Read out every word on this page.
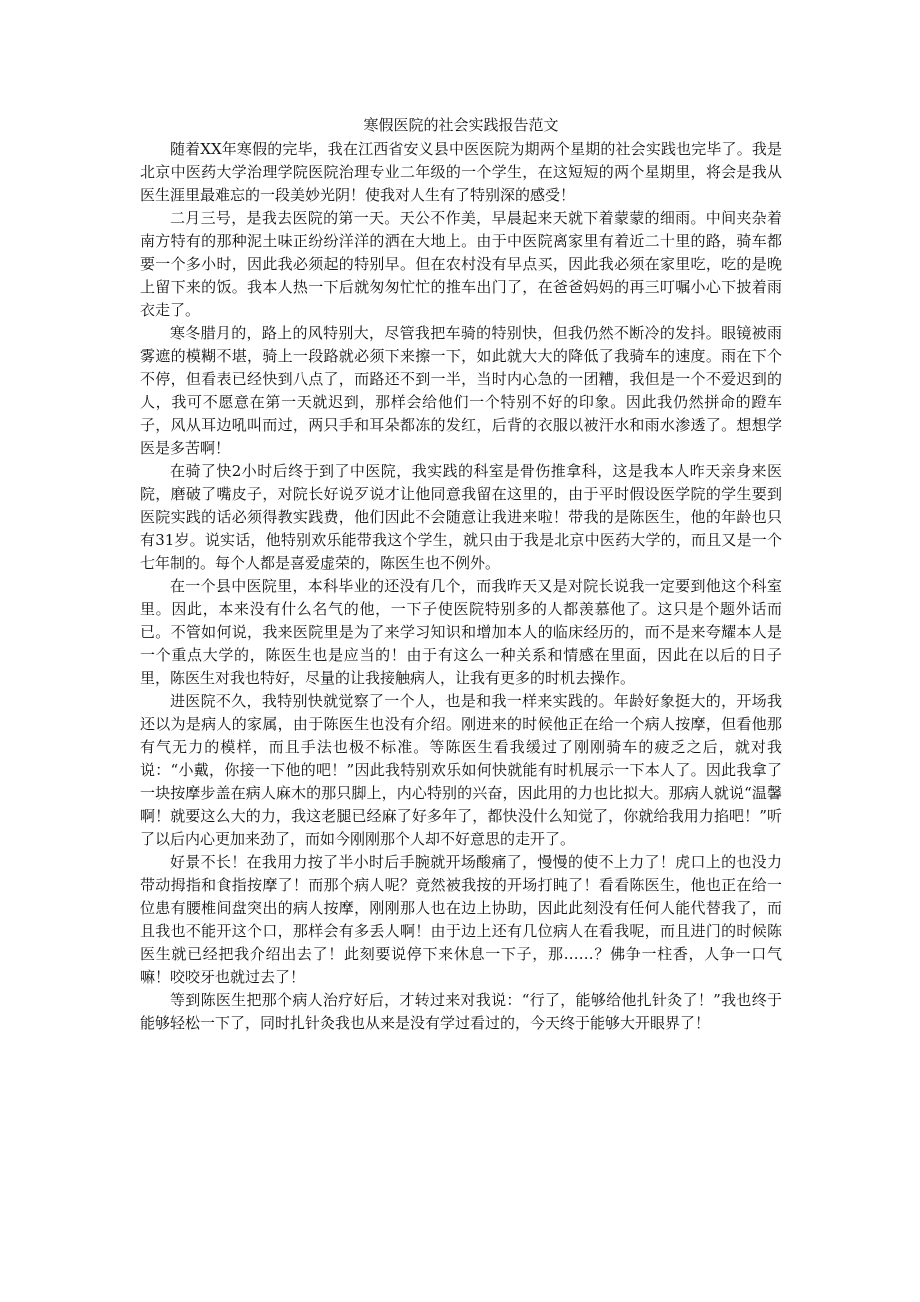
寒假医院的社会实践报告范文

随着XX年寒假的完毕，我在江西省安义县中医医院为期两个星期的社会实践也完毕了。我是北京中医药大学治理学院医院治理专业二年级的一个学生，在这短短的两个星期里，将会是我从医生涯里最难忘的一段美妙光阴！使我对人生有了特别深的感受！

二月三号，是我去医院的第一天。天公不作美，早晨起来天就下着蒙蒙的细雨。中间夹杂着南方特有的那种泥土味正纷纷洋洋的洒在大地上。由于中医院离家里有着近二十里的路，骑车都要一个多小时，因此我必须起的特别早。但在农村没有早点买，因此我必须在家里吃，吃的是晚上留下来的饭。我本人热一下后就匆匆忙忙的推车出门了，在爸爸妈妈的再三叮嘱小心下披着雨衣走了。

寒冬腊月的，路上的风特别大，尽管我把车骑的特别快，但我仍然不断冷的发抖。眼镜被雨雾遮的模糊不堪，骑上一段路就必须下来擦一下，如此就大大的降低了我骑车的速度。雨在下个不停，但看表已经快到八点了，而路还不到一半，当时内心急的一团糟，我但是一个不爱迟到的人，我可不愿意在第一天就迟到，那样会给他们一个特别不好的印象。因此我仍然拼命的蹬车子，风从耳边吼叫而过，两只手和耳朵都冻的发红，后背的衣服以被汗水和雨水渗透了。想想学医是多苦啊！

在骑了快2小时后终于到了中医院，我实践的科室是骨伤推拿科，这是我本人昨天亲身来医院，磨破了嘴皮子，对院长好说歹说才让他同意我留在这里的，由于平时假设医学院的学生要到医院实践的话必须得教实践费，他们因此不会随意让我进来啦！带我的是陈医生，他的年龄也只有31岁。说实话，他特别欢乐能带我这个学生，就只由于我是北京中医药大学的，而且又是一个七年制的。每个人都是喜爱虚荣的，陈医生也不例外。

在一个县中医院里，本科毕业的还没有几个，而我昨天又是对院长说我一定要到他这个科室里。因此，本来没有什么名气的他，一下子使医院特别多的人都羡慕他了。这只是个题外话而已。不管如何说，我来医院里是为了来学习知识和增加本人的临床经历的，而不是来夸耀本人是一个重点大学的，陈医生也是应当的！由于有这么一种关系和情感在里面，因此在以后的日子里，陈医生对我也特好，尽量的让我接触病人，让我有更多的时机去操作。

进医院不久，我特别快就觉察了一个人，也是和我一样来实践的。年龄好象挺大的，开场我还以为是病人的家属，由于陈医生也没有介绍。刚进来的时候他正在给一个病人按摩，但看他那有气无力的模样，而且手法也极不标准。等陈医生看我缓过了刚刚骑车的疲乏之后，就对我说：“小戴，你接一下他的吧！”因此我特别欢乐如何快就能有时机展示一下本人了。因此我拿了一块按摩步盖在病人麻木的那只脚上，内心特别的兴奋，因此用的力也比拟大。那病人就说“温馨啊！就要这么大的力，我这老腿已经麻了好多年了，都快没什么知觉了，你就给我用力掐吧！”听了以后内心更加来劲了，而如今刚刚那个人却不好意思的走开了。

好景不长！在我用力按了半小时后手腕就开场酸痛了，慢慢的使不上力了！虎口上的也没力带动拇指和食指按摩了！而那个病人呢？竟然被我按的开场打盹了！看看陈医生，他也正在给一位患有腰椎间盘突出的病人按摩，刚刚那人也在边上协助，因此此刻没有任何人能代替我了，而且我也不能开这个口，那样会有多丢人啊！由于边上还有几位病人在看我呢，而且进门的时候陈医生就已经把我介绍出去了！此刻要说停下来休息一下子，那……？佛争一柱香，人争一口气嘛！咬咬牙也就过去了！

等到陈医生把那个病人治疗好后，才转过来对我说：“行了，能够给他扎针灸了！”我也终于能够轻松一下了，同时扎针灸我也从来是没有学过看过的，今天终于能够大开眼界了！
